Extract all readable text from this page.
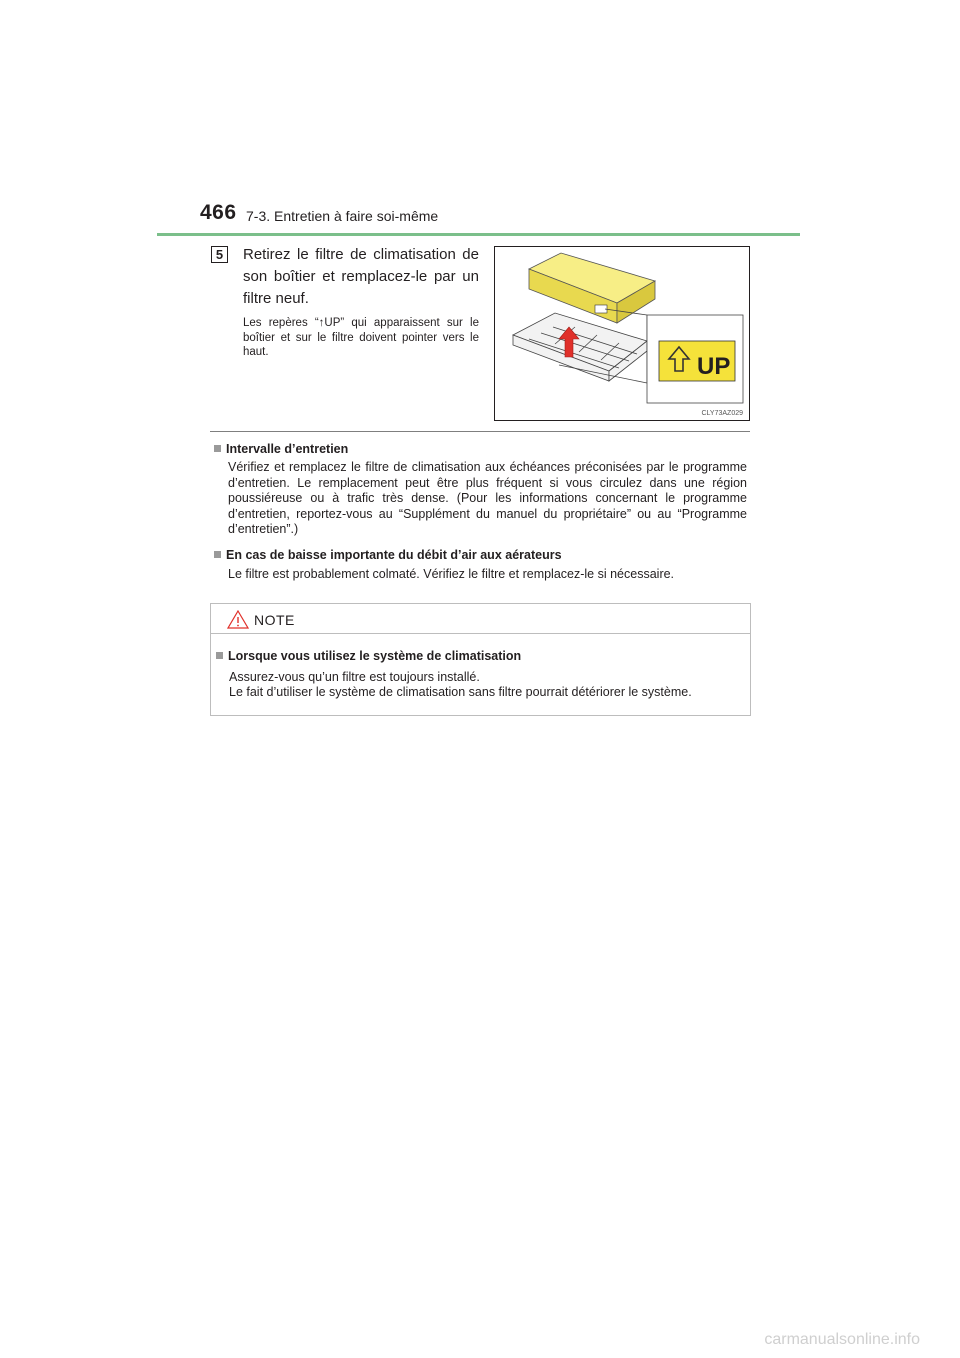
466 7-3. Entretien à faire soi-même
5	Retirez le filtre de climatisation de son boîtier et remplacez-le par un filtre neuf.
Les repères “↑UP” qui apparaissent sur le boîtier et sur le filtre doivent pointer vers le haut.
UP
CLY73AZ029
Intervalle d’entretien
Vérifiez et remplacez le filtre de climatisation aux échéances préconisées par le programme d’entretien. Le remplacement peut être plus fréquent si vous circulez dans une région poussiéreuse ou à trafic très dense. (Pour les informations concernant le programme d’entretien, reportez-vous au “Supplément du manuel du propriétaire” ou au “Programme d’entretien”.)
En cas de baisse importante du débit d’air aux aérateurs
Le filtre est probablement colmaté. Vérifiez le filtre et remplacez-le si nécessaire.
NOTE
Lorsque vous utilisez le système de climatisation
Assurez-vous qu’un filtre est toujours installé.
Le fait d’utiliser le système de climatisation sans filtre pourrait détériorer le système.
carmanualsonline.info
